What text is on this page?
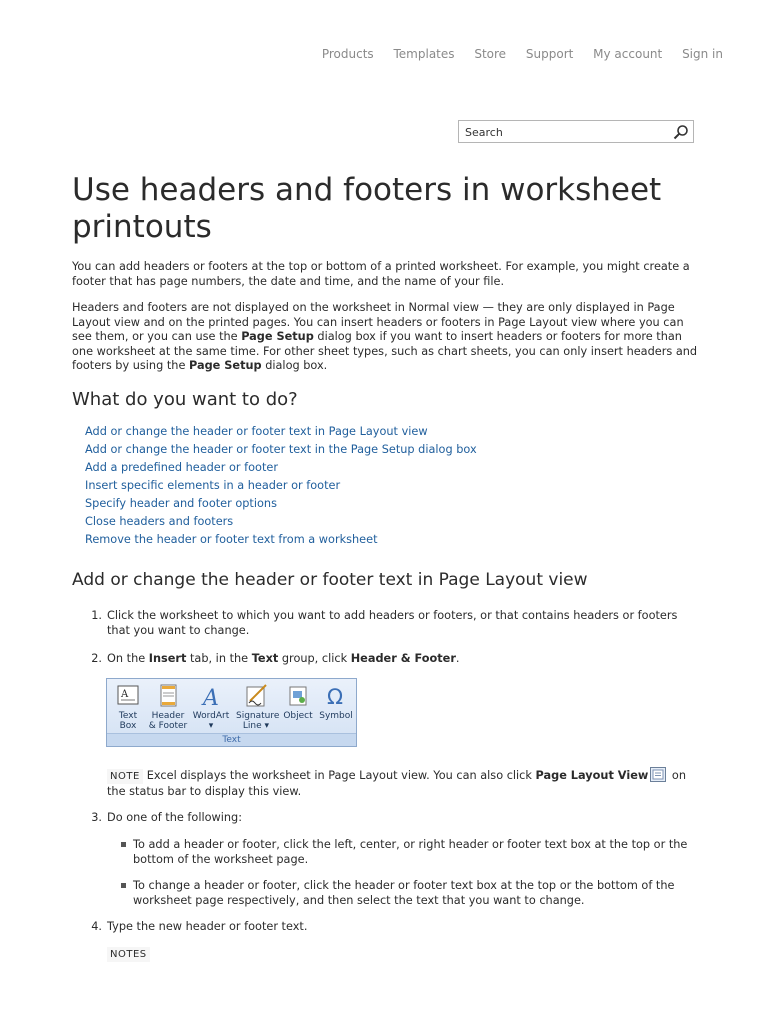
Products Templates Store Support My account Sign in
Search
Use headers and footers in worksheet printouts

You can add headers or footers at the top or bottom of a printed worksheet. For example, you might create a footer that has page numbers, the date and time, and the name of your file.

Headers and footers are not displayed on the worksheet in Normal view — they are only displayed in Page Layout view and on the printed pages. You can insert headers or footers in Page Layout view where you can see them, or you can use the Page Setup dialog box if you want to insert headers or footers for more than one worksheet at the same time. For other sheet types, such as chart sheets, you can only insert headers and footers by using the Page Setup dialog box.

What do you want to do?
Add or change the header or footer text in Page Layout view
Add or change the header or footer text in the Page Setup dialog box
Add a predefined header or footer
Insert specific elements in a header or footer
Specify header and footer options
Close headers and footers
Remove the header or footer text from a worksheet
Add or change the header or footer text in Page Layout view
1. Click the worksheet to which you want to add headers or footers, or that contains headers or footers that you want to change.
2. On the Insert tab, in the Text group, click Header & Footer.
A
Text
Box
Header
& Footer
A
WordArt
▾
Signature
Line ▾
Object

Ω
Symbol

Text
NOTE Excel displays the worksheet in Page Layout view. You can also click Page Layout View on the status bar to display this view.
3. Do one of the following:
To add a header or footer, click the left, center, or right header or footer text box at the top or the bottom of the worksheet page.
To change a header or footer, click the header or footer text box at the top or the bottom of the worksheet page respectively, and then select the text that you want to change.
4. Type the new header or footer text.
NOTES
